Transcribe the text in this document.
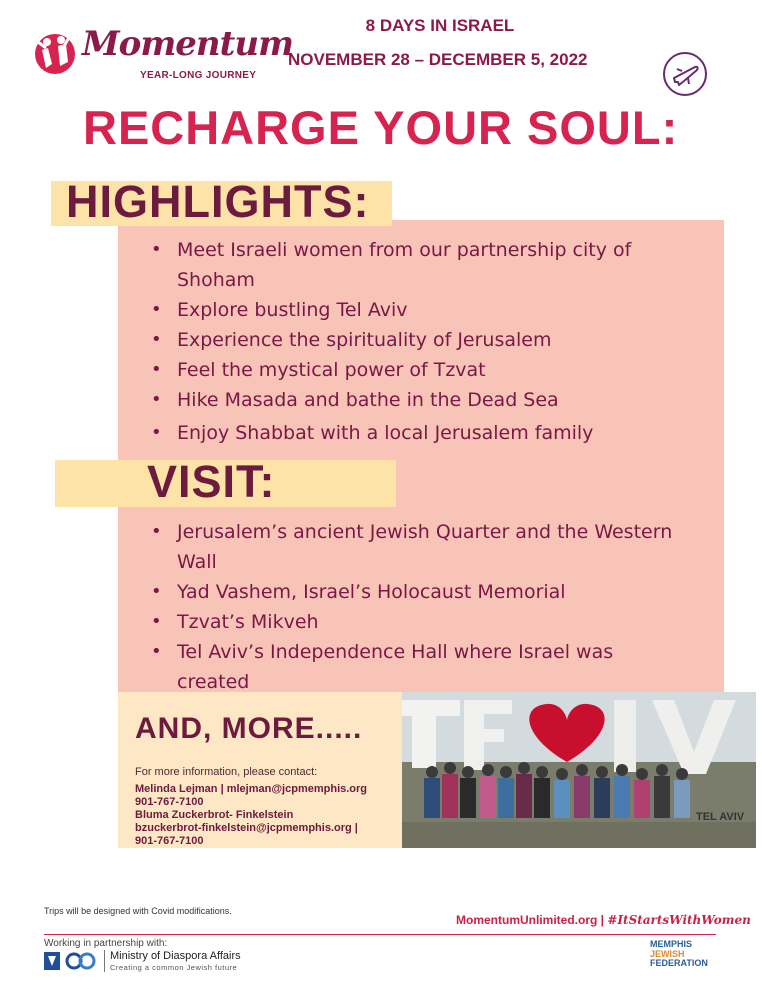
Momentum
YEAR-LONG JOURNEY
8 DAYS IN ISRAEL
NOVEMBER 28 – DECEMBER 5, 2022
RECHARGE YOUR SOUL:
HIGHLIGHTS:
• Meet Israeli women from our partnership city of Shoham
• Explore bustling Tel Aviv
• Experience the spirituality of Jerusalem
• Feel the mystical power of Tzvat
• Hike Masada and bathe in the Dead Sea
• Enjoy Shabbat with a local Jerusalem family
VISIT:
• Jerusalem’s ancient Jewish Quarter and the Western Wall
• Yad Vashem, Israel’s Holocaust Memorial
• Tzvat’s Mikveh
• Tel Aviv’s Independence Hall where Israel was created
AND, MORE.....
For more information, please contact:
Melinda Lejman | mlejman@jcpmemphis.org
901-767-7100
Bluma Zuckerbrot- Finkelstein
bzuckerbrot-finkelstein@jcpmemphis.org |
901-767-7100
TEL AVIV
Trips will be designed with Covid modifications.
MomentumUnlimited.org | #ItStartsWithWomen
Working in partnership with:
Ministry of Diaspora Affairs
Creating a common Jewish future
MEMPHIS
JEWISH
FEDERATION
